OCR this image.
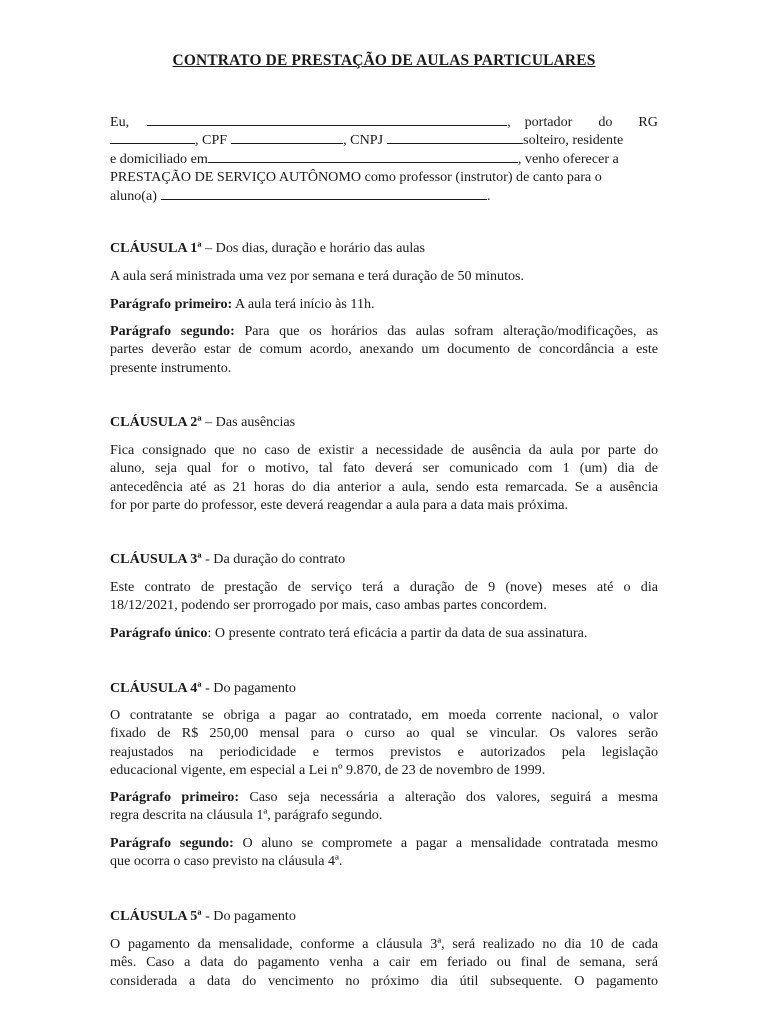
CONTRATO DE PRESTAÇÃO DE AULAS PARTICULARES
Eu,	, portador do RG
, CPF	, CNPJ	solteiro, residente
e domiciliado em	, venho oferecer a
PRESTAÇÃO DE SERVIÇO AUTÔNOMO como professor (instrutor) de canto para o
aluno(a)	.
CLÁUSULA 1ª – Dos dias, duração e horário das aulas
A aula será ministrada uma vez por semana e terá duração de 50 minutos.
Parágrafo primeiro: A aula terá início às 11h.
Parágrafo segundo: Para que os horários das aulas sofram alteração/modificações, as
partes deverão estar de comum acordo, anexando um documento de concordância a este
presente instrumento.
CLÁUSULA 2ª – Das ausências
Fica consignado que no caso de existir a necessidade de ausência da aula por parte do
aluno, seja qual for o motivo, tal fato deverá ser comunicado com 1 (um) dia de
antecedência até as 21 horas do dia anterior a aula, sendo esta remarcada. Se a ausência
for por parte do professor, este deverá reagendar a aula para a data mais próxima.
CLÁUSULA 3ª - Da duração do contrato
Este contrato de prestação de serviço terá a duração de 9 (nove) meses até o dia
18/12/2021, podendo ser prorrogado por mais, caso ambas partes concordem.
Parágrafo único: O presente contrato terá eficácia a partir da data de sua assinatura.
CLÁUSULA 4ª - Do pagamento
O contratante se obriga a pagar ao contratado, em moeda corrente nacional, o valor
fixado de R$ 250,00 mensal para o curso ao qual se vincular. Os valores serão
reajustados na periodicidade e termos previstos e autorizados pela legislação
educacional vigente, em especial a Lei nº 9.870, de 23 de novembro de 1999.
Parágrafo primeiro: Caso seja necessária a alteração dos valores, seguirá a mesma
regra descrita na cláusula 1ª, parágrafo segundo.
Parágrafo segundo: O aluno se compromete a pagar a mensalidade contratada mesmo
que ocorra o caso previsto na cláusula 4ª.
CLÁUSULA 5ª - Do pagamento
O pagamento da mensalidade, conforme a cláusula 3ª, será realizado no dia 10 de cada
mês. Caso a data do pagamento venha a cair em feriado ou final de semana, será
considerada a data do vencimento no próximo dia útil subsequente. O pagamento
